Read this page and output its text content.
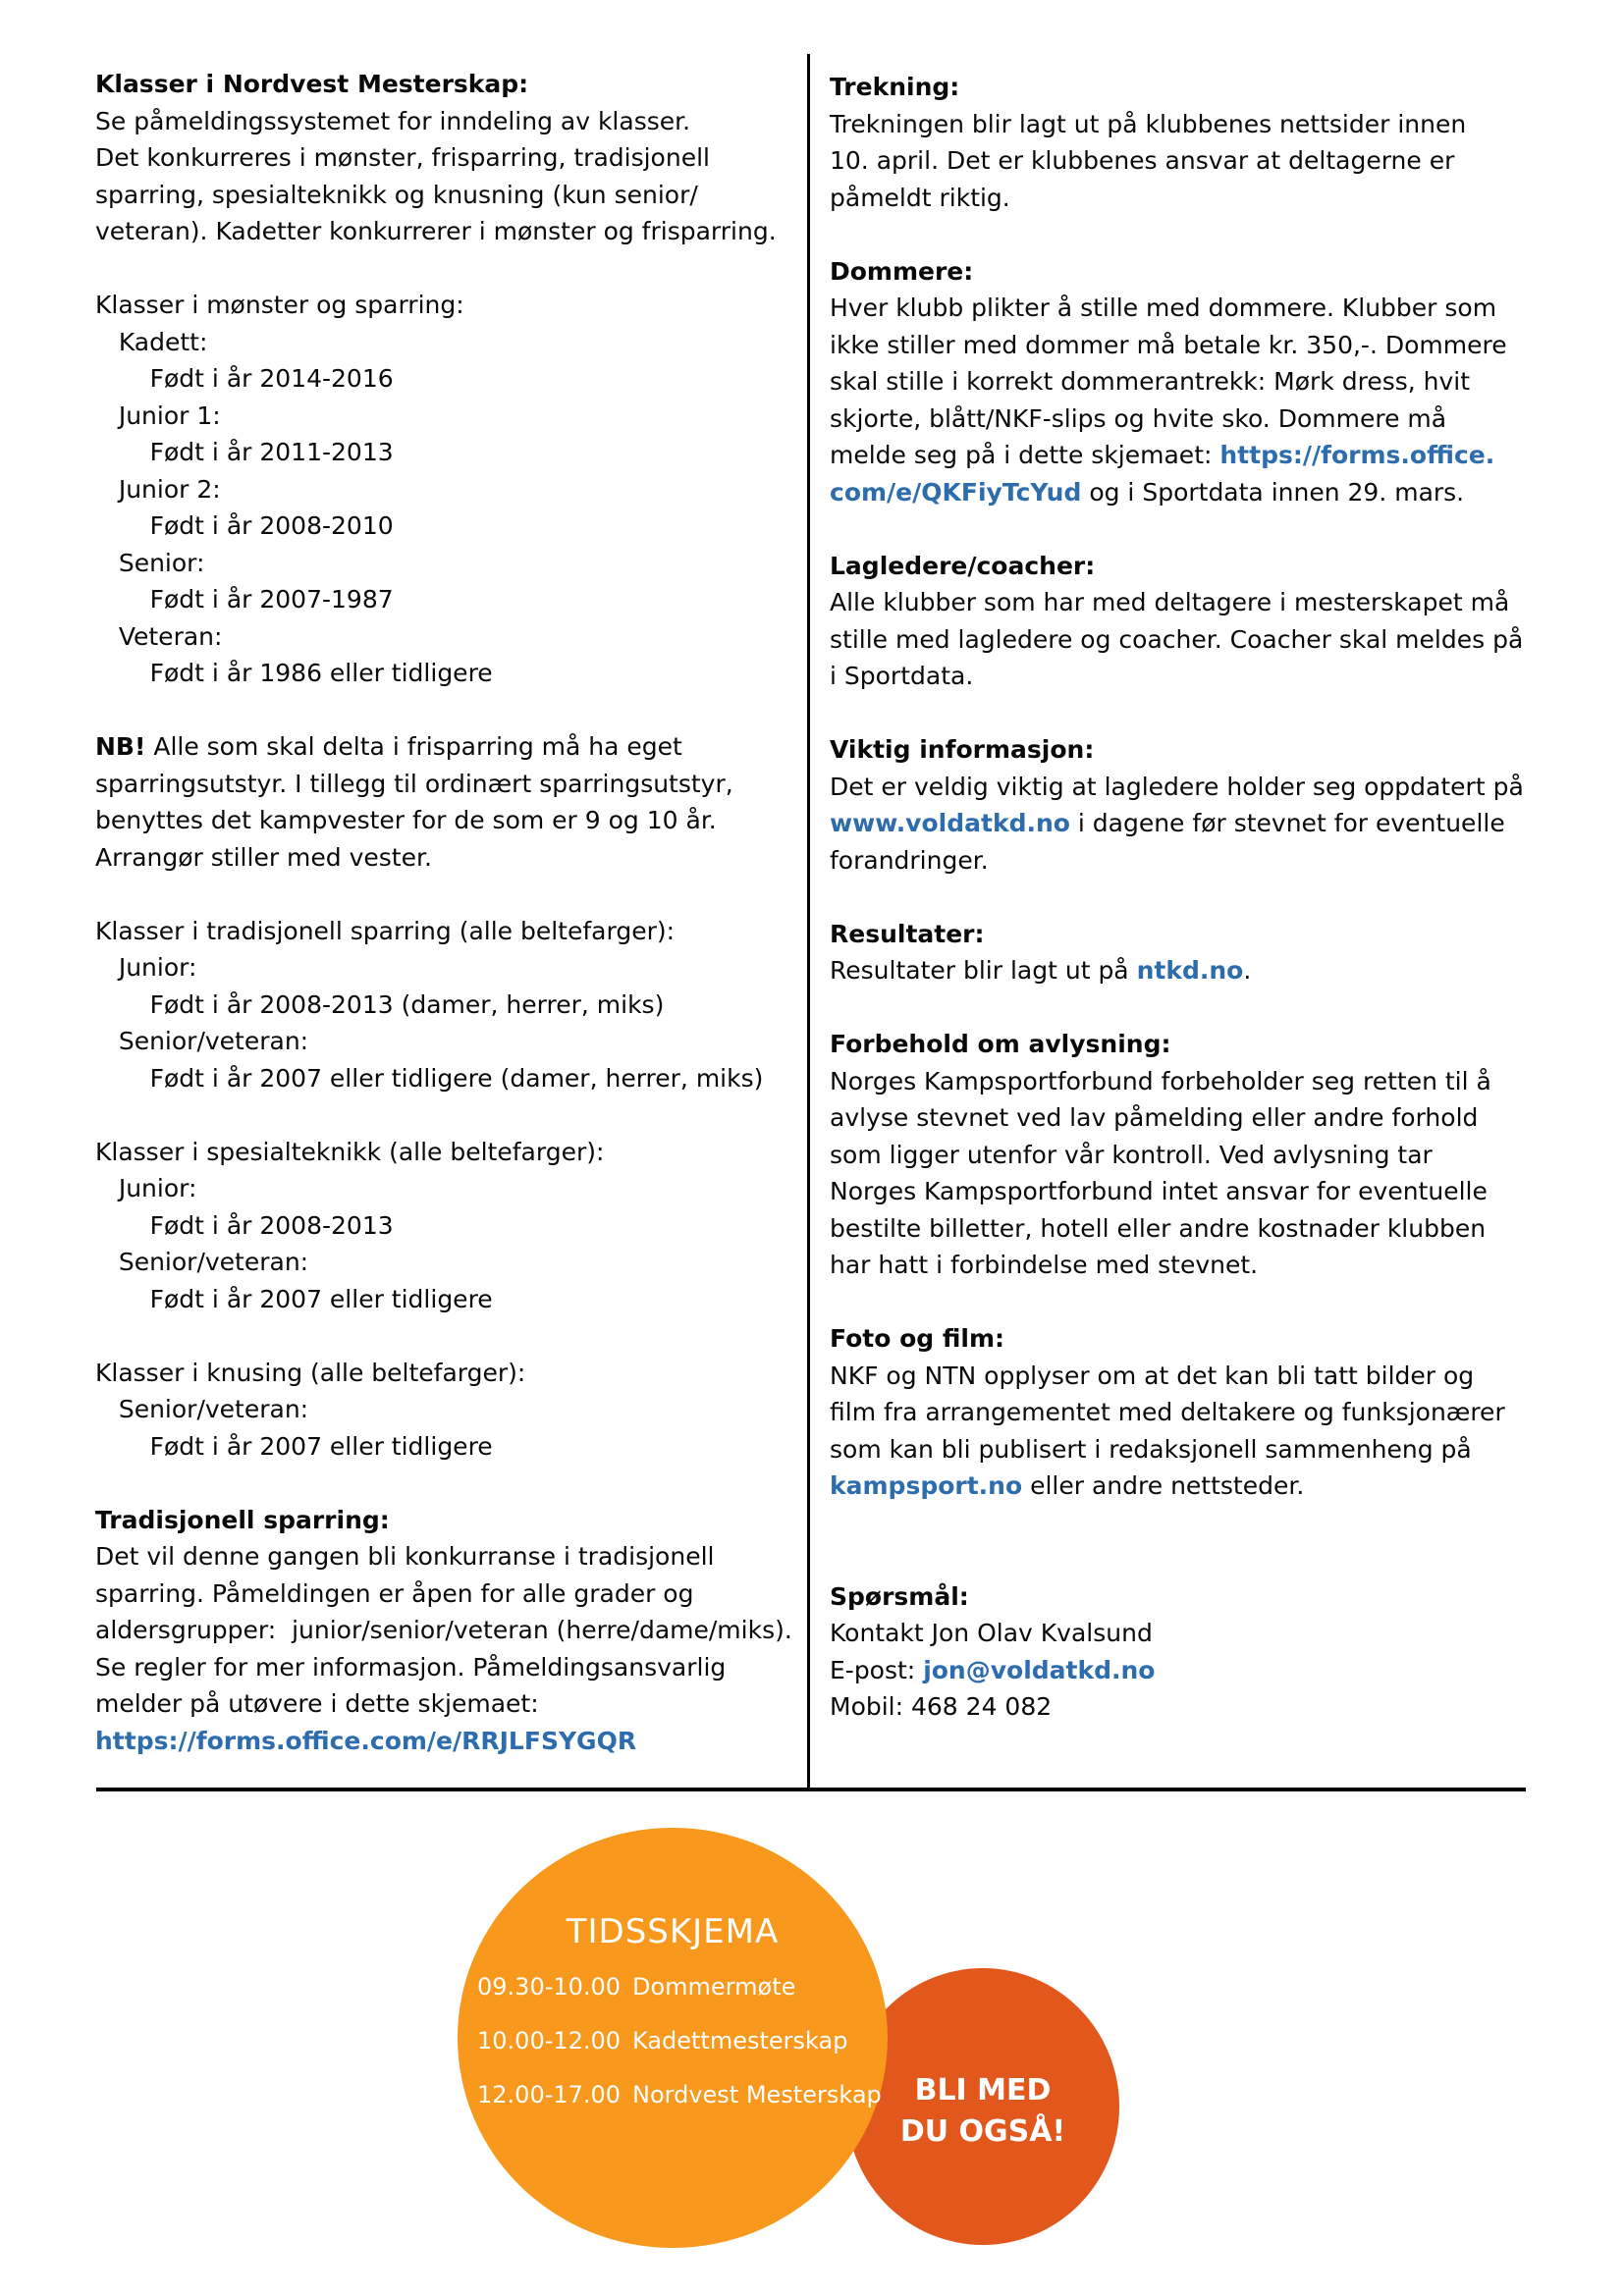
Klasser i Nordvest Mesterskap:
Se påmeldingssystemet for inndeling av klasser.
Det konkurreres i mønster, frisparring, tradisjonell
sparring, spesialteknikk og knusning (kun senior/
veteran). Kadetter konkurrerer i mønster og frisparring.
Klasser i mønster og sparring:
Kadett:
Født i år 2014-2016
Junior 1:
Født i år 2011-2013
Junior 2:
Født i år 2008-2010
Senior:
Født i år 2007-1987
Veteran:
Født i år 1986 eller tidligere
NB! Alle som skal delta i frisparring må ha eget
sparringsutstyr. I tillegg til ordinært sparringsutstyr,
benyttes det kampvester for de som er 9 og 10 år.
Arrangør stiller med vester.
Klasser i tradisjonell sparring (alle beltefarger):
Junior:
Født i år 2008-2013 (damer, herrer, miks)
Senior/veteran:
Født i år 2007 eller tidligere (damer, herrer, miks)
Klasser i spesialteknikk (alle beltefarger):
Junior:
Født i år 2008-2013
Senior/veteran:
Født i år 2007 eller tidligere
Klasser i knusing (alle beltefarger):
Senior/veteran:
Født i år 2007 eller tidligere
Tradisjonell sparring:
Det vil denne gangen bli konkurranse i tradisjonell
sparring. Påmeldingen er åpen for alle grader og
aldersgrupper:  junior/senior/veteran (herre/dame/miks).
Se regler for mer informasjon. Påmeldingsansvarlig
melder på utøvere i dette skjemaet:
https://forms.office.com/e/RRJLFSYGQR
Trekning:
Trekningen blir lagt ut på klubbenes nettsider innen
10. april. Det er klubbenes ansvar at deltagerne er
påmeldt riktig.
Dommere:
Hver klubb plikter å stille med dommere. Klubber som
ikke stiller med dommer må betale kr. 350,-. Dommere
skal stille i korrekt dommerantrekk: Mørk dress, hvit
skjorte, blått/NKF-slips og hvite sko. Dommere må
melde seg på i dette skjemaet: https://forms.office.
com/e/QKFiyTcYud og i Sportdata innen 29. mars.
Lagledere/coacher:
Alle klubber som har med deltagere i mesterskapet må
stille med lagledere og coacher. Coacher skal meldes på
i Sportdata.
Viktig informasjon:
Det er veldig viktig at lagledere holder seg oppdatert på
www.voldatkd.no i dagene før stevnet for eventuelle
forandringer.
Resultater:
Resultater blir lagt ut på ntkd.no.
Forbehold om avlysning:
Norges Kampsportforbund forbeholder seg retten til å
avlyse stevnet ved lav påmelding eller andre forhold
som ligger utenfor vår kontroll. Ved avlysning tar
Norges Kampsportforbund intet ansvar for eventuelle
bestilte billetter, hotell eller andre kostnader klubben
har hatt i forbindelse med stevnet.
Foto og film:
NKF og NTN opplyser om at det kan bli tatt bilder og
film fra arrangementet med deltakere og funksjonærer
som kan bli publisert i redaksjonell sammenheng på
kampsport.no eller andre nettsteder.
Spørsmål:
Kontakt Jon Olav Kvalsund
E-post: jon@voldatkd.no
Mobil: 468 24 082
BLI MED
DU OGSÅ!
TIDSSKJEMA
09.30-10.00 Dommermøte
10.00-12.00 Kadettmesterskap
12.00-17.00 Nordvest Mesterskap
